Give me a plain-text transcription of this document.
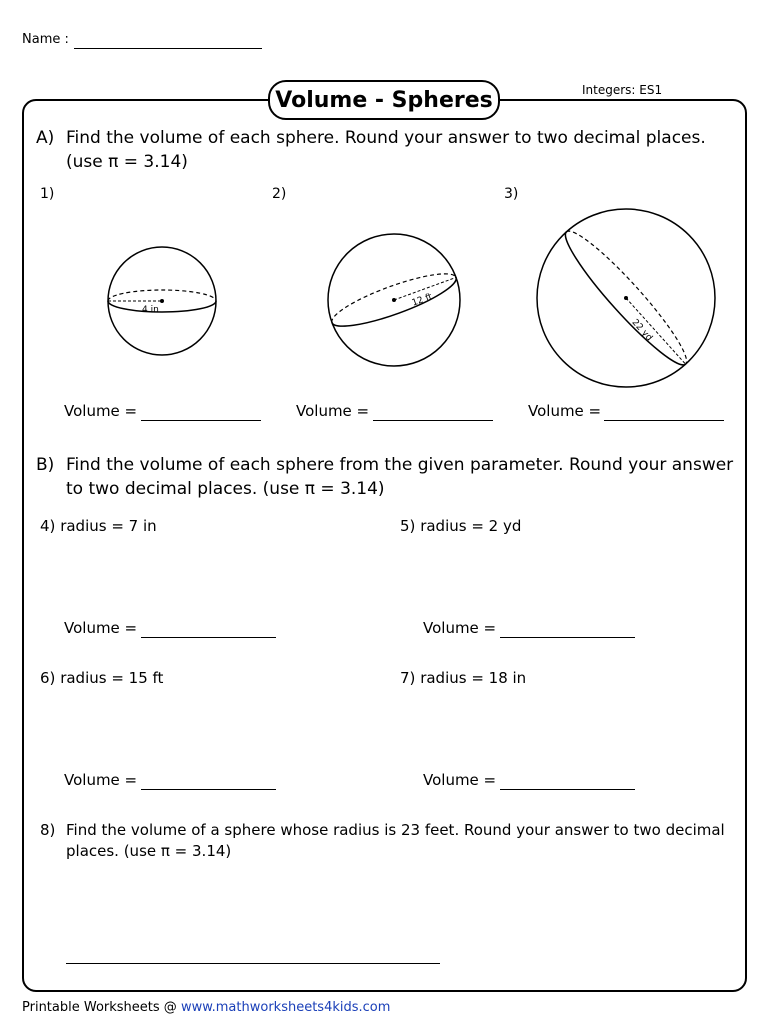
Name :
Volume - Spheres	Integers: ES1
A) Find the volume of each sphere. Round your answer to two decimal places.
(use π = 3.14)
1)	2)	3)
4 in
12 ft
22 yd
Volume =	Volume =	Volume =
B) Find the volume of each sphere from the given parameter. Round your answer
to two decimal places. (use π = 3.14)
4) radius = 7 in
Volume =
5) radius = 2 yd
Volume =
6) radius = 15 ft
Volume =
7) radius = 18 in
Volume =
8) Find the volume of a sphere whose radius is 23 feet. Round your answer to two decimal
places. (use π = 3.14)
Printable Worksheets @ www.mathworksheets4kids.com
